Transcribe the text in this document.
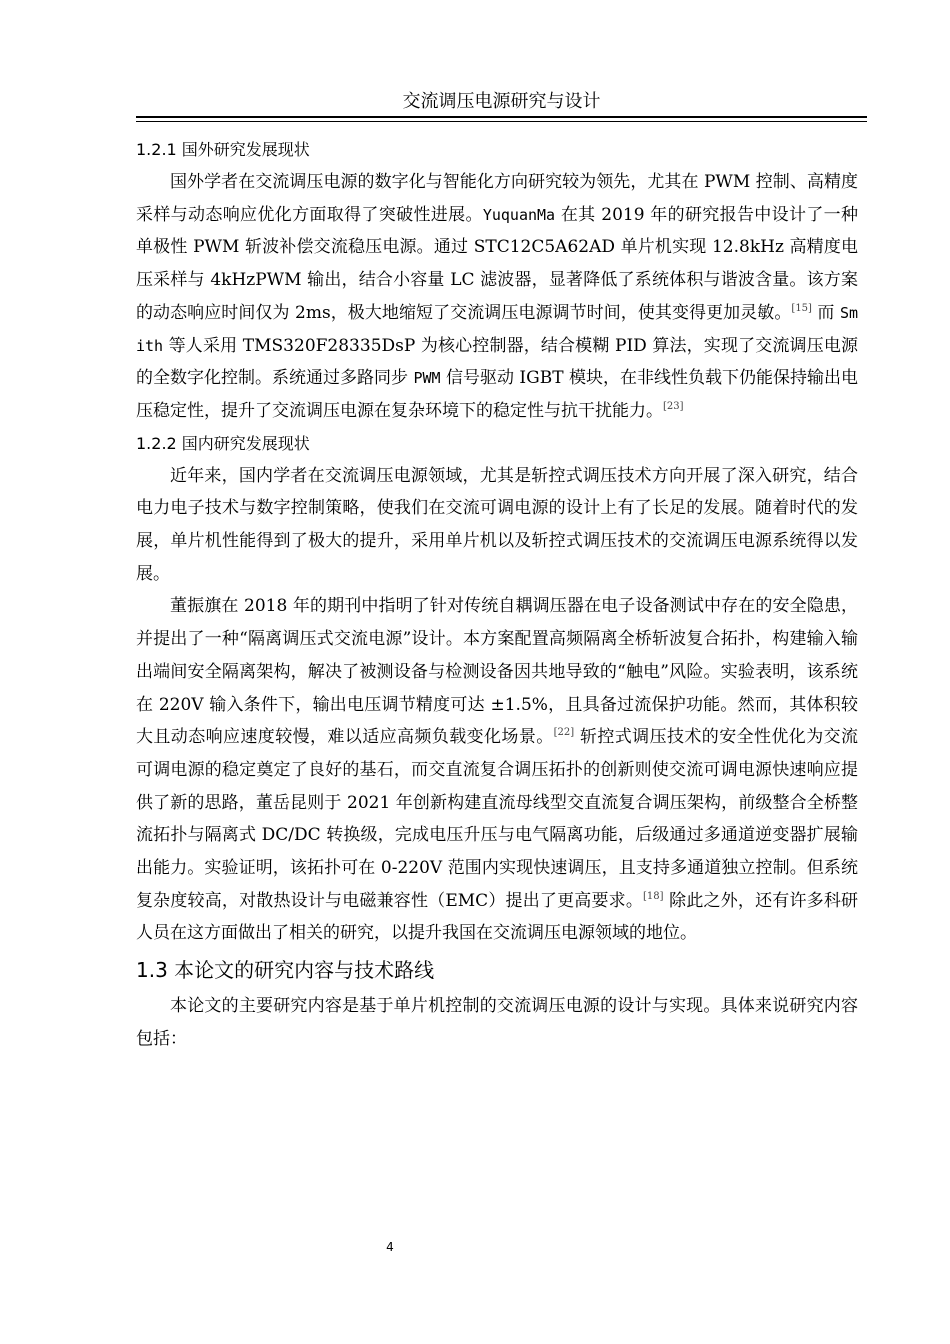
交流调压电源研究与设计
1.2.1 国外研究发展现状

国外学者在交流调压电源的数字化与智能化方向研究较为领先，尤其在 PWM 控制、高精度采样与动态响应优化方面取得了突破性进展。YuquanMa 在其 2019 年的研究报告中设计了一种单极性 PWM 斩波补偿交流稳压电源。通过 STC12C5A62AD 单片机实现 12.8kHz 高精度电压采样与 4kHzPWM 输出，结合小容量 LC 滤波器，显著降低了系统体积与谐波含量。该方案的动态响应时间仅为 2ms，极大地缩短了交流调压电源调节时间，使其变得更加灵敏。[15] 而 Smith 等人采用 TMS320F28335DsP 为核心控制器，结合模糊 PID 算法，实现了交流调压电源的全数字化控制。系统通过多路同步 PWM 信号驱动 IGBT 模块，在非线性负载下仍能保持输出电压稳定性，提升了交流调压电源在复杂环境下的稳定性与抗干扰能力。[23]

1.2.2 国内研究发展现状

近年来，国内学者在交流调压电源领域，尤其是斩控式调压技术方向开展了深入研究，结合电力电子技术与数字控制策略，使我们在交流可调电源的设计上有了长足的发展。随着时代的发展，单片机性能得到了极大的提升，采用单片机以及斩控式调压技术的交流调压电源系统得以发展。

董振旗在 2018 年的期刊中指明了针对传统自耦调压器在电子设备测试中存在的安全隐患，并提出了一种“隔离调压式交流电源”设计。本方案配置高频隔离全桥斩波复合拓扑，构建输入输出端间安全隔离架构，解决了被测设备与检测设备因共地导致的“触电”风险。实验表明，该系统在 220V 输入条件下，输出电压调节精度可达 ±1.5%，且具备过流保护功能。然而，其体积较大且动态响应速度较慢，难以适应高频负载变化场景。[22] 斩控式调压技术的安全性优化为交流可调电源的稳定奠定了良好的基石，而交直流复合调压拓扑的创新则使交流可调电源快速响应提供了新的思路，董岳昆则于 2021 年创新构建直流母线型交直流复合调压架构，前级整合全桥整流拓扑与隔离式 DC/DC 转换级，完成电压升压与电气隔离功能，后级通过多通道逆变器扩展输出能力。实验证明，该拓扑可在 0-220V 范围内实现快速调压，且支持多通道独立控制。但系统复杂度较高，对散热设计与电磁兼容性（EMC）提出了更高要求。[18] 除此之外，还有许多科研人员在这方面做出了相关的研究，以提升我国在交流调压电源领域的地位。

1.3 本论文的研究内容与技术路线

本论文的主要研究内容是基于单片机控制的交流调压电源的设计与实现。具体来说研究内容包括：

4
